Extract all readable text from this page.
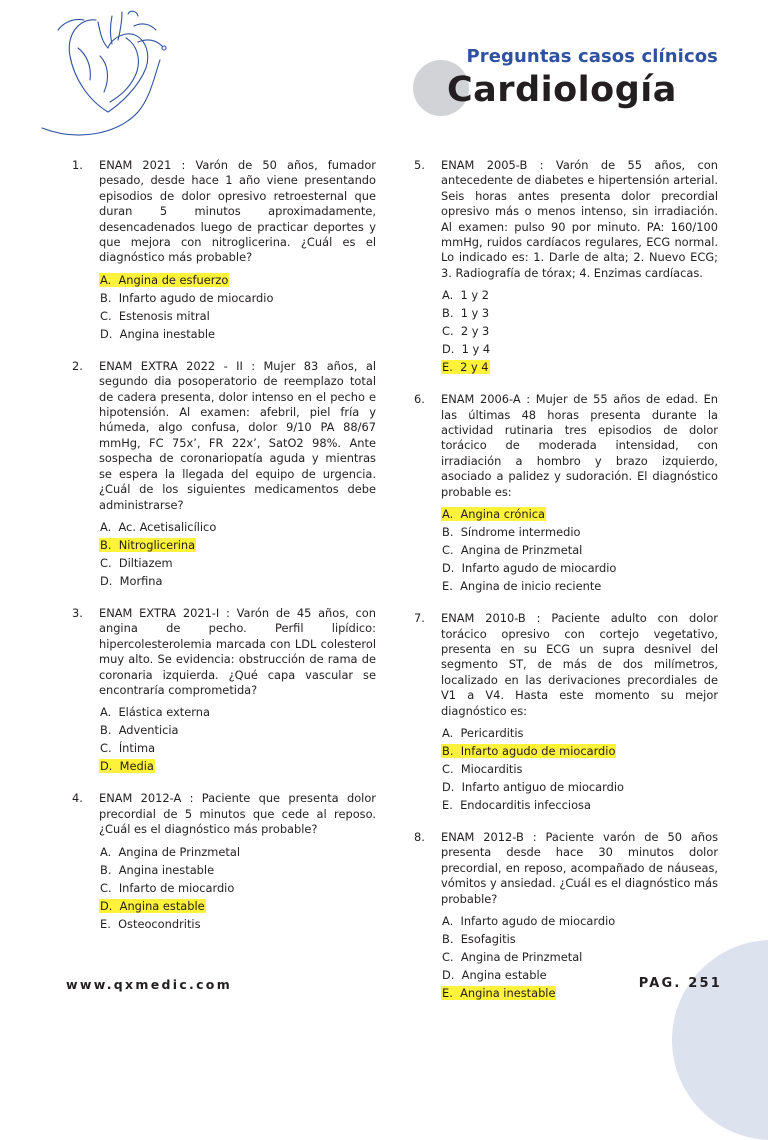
Preguntas casos clínicos
Cardiología
1. ENAM 2021 : Varón de 50 años, fumador pesado, desde hace 1 año viene presentando episodios de dolor opresivo retroesternal que duran 5 minutos aproximadamente, desencadenados luego de practicar deportes y que mejora con nitroglicerina. ¿Cuál es el diagnóstico más probable?
A. Angina de esfuerzo
B. Infarto agudo de miocardio
C. Estenosis mitral
D. Angina inestable
2. ENAM EXTRA 2022 - II : Mujer 83 años, al segundo dia posoperatorio de reemplazo total de cadera presenta, dolor intenso en el pecho e hipotensión. Al examen: afebril, piel fría y húmeda, algo confusa, dolor 9/10 PA 88/67 mmHg, FC 75x’, FR 22x’, SatO2 98%. Ante sospecha de coronariopatía aguda y mientras se espera la llegada del equipo de urgencia. ¿Cuál de los siguientes medicamentos debe administrarse?
A. Ac. Acetisalicílico
B. Nitroglicerina
C. Diltiazem
D. Morfina
3. ENAM EXTRA 2021-I : Varón de 45 años, con angina de pecho. Perfil lipídico: hipercolesterolemia marcada con LDL colesterol muy alto. Se evidencia: obstrucción de rama de coronaria izquierda. ¿Qué capa vascular se encontraría comprometida?
A. Elástica externa
B. Adventicia
C. Íntima
D. Media
4. ENAM 2012-A : Paciente que presenta dolor precordial de 5 minutos que cede al reposo. ¿Cuál es el diagnóstico más probable?
A. Angina de Prinzmetal
B. Angina inestable
C. Infarto de miocardio
D. Angina estable
E. Osteocondritis
5. ENAM 2005-B : Varón de 55 años, con antecedente de diabetes e hipertensión arterial. Seis horas antes presenta dolor precordial opresivo más o menos intenso, sin irradiación. Al examen: pulso 90 por minuto. PA: 160/100 mmHg, ruidos cardíacos regulares, ECG normal. Lo indicado es: 1. Darle de alta; 2. Nuevo ECG; 3. Radiografía de tórax; 4. Enzimas cardíacas.
A. 1 y 2
B. 1 y 3
C. 2 y 3
D. 1 y 4
E. 2 y 4
6. ENAM 2006-A : Mujer de 55 años de edad. En las últimas 48 horas presenta durante la actividad rutinaria tres episodios de dolor torácico de moderada intensidad, con irradiación a hombro y brazo izquierdo, asociado a palidez y sudoración. El diagnóstico probable es:
A. Angina crónica
B. Síndrome intermedio
C. Angina de Prinzmetal
D. Infarto agudo de miocardio
E. Angina de inicio reciente
7. ENAM 2010-B : Paciente adulto con dolor torácico opresivo con cortejo vegetativo, presenta en su ECG un supra desnivel del segmento ST, de más de dos milímetros, localizado en las derivaciones precordiales de V1 a V4. Hasta este momento su mejor diagnóstico es:
A. Pericarditis
B. Infarto agudo de miocardio
C. Miocarditis
D. Infarto antiguo de miocardio
E. Endocarditis infecciosa
8. ENAM 2012-B : Paciente varón de 50 años presenta desde hace 30 minutos dolor precordial, en reposo, acompañado de náuseas, vómitos y ansiedad. ¿Cuál es el diagnóstico más probable?
A. Infarto agudo de miocardio
B. Esofagitis
C. Angina de Prinzmetal
D. Angina estable
E. Angina inestable
www.qxmedic.com	PAG. 251
